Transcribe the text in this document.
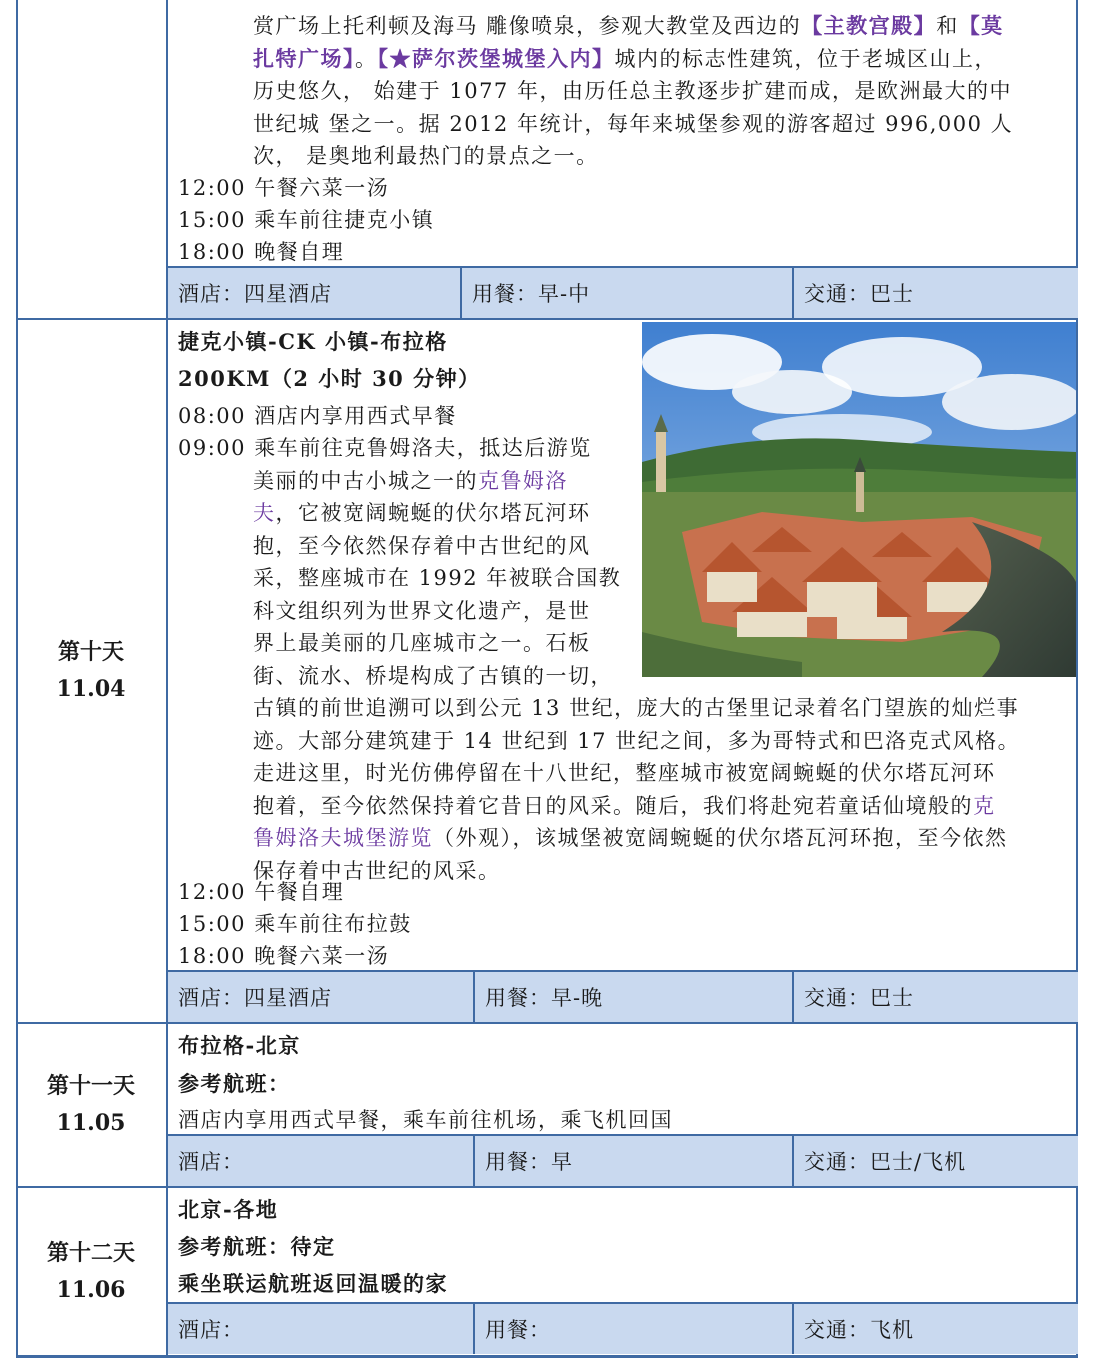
赏广场上托利顿及海马 雕像喷泉，参观大教堂及西边的【主教宫殿】和【莫
扎特广场】。【★萨尔茨堡城堡入内】城内的标志性建筑，位于老城区山上，
历史悠久， 始建于 1077 年，由历任总主教逐步扩建而成，是欧洲最大的中
世纪城 堡之一。据 2012 年统计，每年来城堡参观的游客超过 996,000 人
次， 是奥地利最热门的景点之一。
12:00 午餐六菜一汤
15:00 乘车前往捷克小镇
18:00 晚餐自理
酒店：四星酒店	用餐：早-中	交通：巴士
第十天
11.04
捷克小镇-CK 小镇-布拉格
200KM（2 小时 30 分钟）
08:00 酒店内享用西式早餐
09:00 乘车前往克鲁姆洛夫，抵达后游览
美丽的中古小城之一的克鲁姆洛
夫，它被宽阔蜿蜒的伏尔塔瓦河环
抱，至今依然保存着中古世纪的风
采，整座城市在 1992 年被联合国教
科文组织列为世界文化遗产，是世
界上最美丽的几座城市之一。石板
街、流水、桥堤构成了古镇的一切，
古镇的前世追溯可以到公元 13 世纪，庞大的古堡里记录着名门望族的灿烂事
迹。大部分建筑建于 14 世纪到 17 世纪之间，多为哥特式和巴洛克式风格。
走进这里，时光仿佛停留在十八世纪，整座城市被宽阔蜿蜒的伏尔塔瓦河环
抱着，至今依然保持着它昔日的风采。随后，我们将赴宛若童话仙境般的克
鲁姆洛夫城堡游览（外观），该城堡被宽阔蜿蜒的伏尔塔瓦河环抱，至今依然
保存着中古世纪的风采。
12:00 午餐自理
15:00 乘车前往布拉鼓
18:00 晚餐六菜一汤
酒店：四星酒店	用餐：早-晚	交通：巴士
第十一天
11.05
布拉格-北京
参考航班：
酒店内享用西式早餐，乘车前往机场，乘飞机回国
酒店：	用餐：早	交通：巴士/飞机
第十二天
11.06
北京-各地
参考航班：待定
乘坐联运航班返回温暖的家
酒店：	用餐：	交通：飞机
